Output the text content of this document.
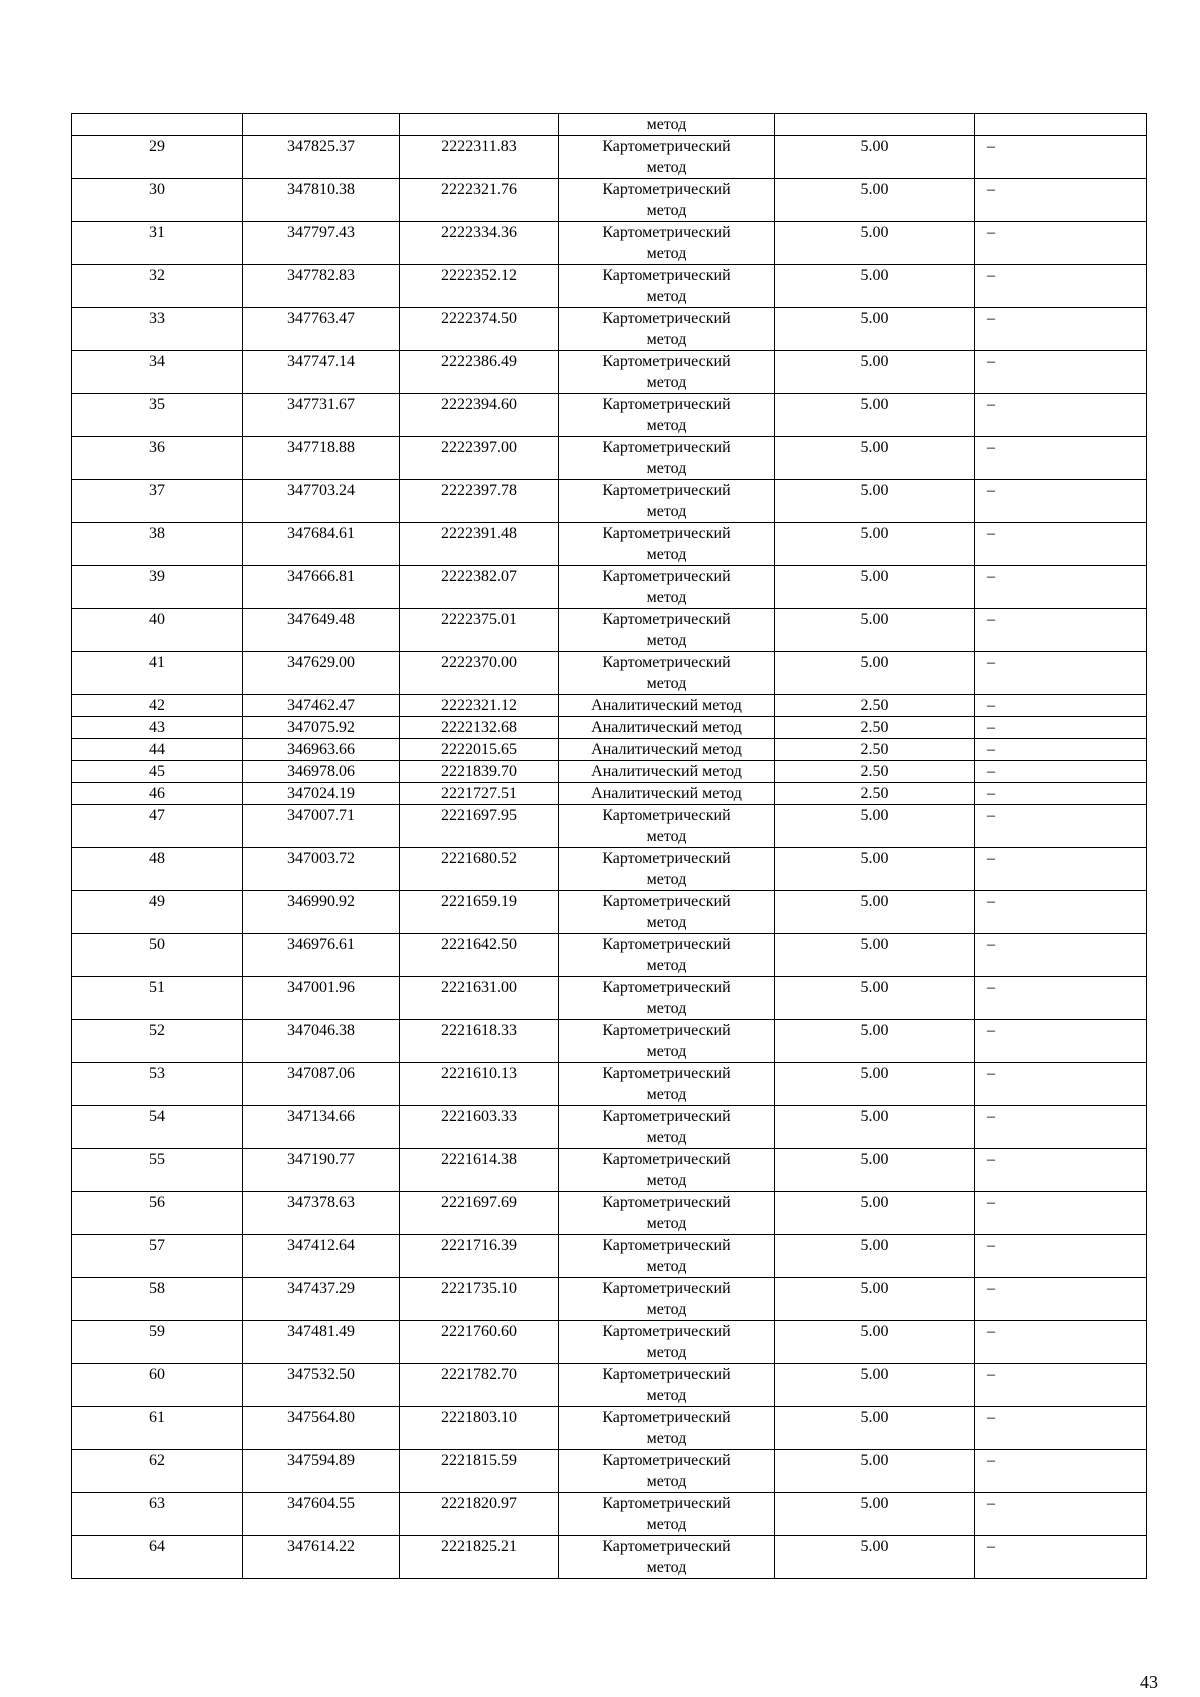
			метод		
29	347825.37	2222311.83	Картометрический
метод	5.00	–
30	347810.38	2222321.76	Картометрический
метод	5.00	–
31	347797.43	2222334.36	Картометрический
метод	5.00	–
32	347782.83	2222352.12	Картометрический
метод	5.00	–
33	347763.47	2222374.50	Картометрический
метод	5.00	–
34	347747.14	2222386.49	Картометрический
метод	5.00	–
35	347731.67	2222394.60	Картометрический
метод	5.00	–
36	347718.88	2222397.00	Картометрический
метод	5.00	–
37	347703.24	2222397.78	Картометрический
метод	5.00	–
38	347684.61	2222391.48	Картометрический
метод	5.00	–
39	347666.81	2222382.07	Картометрический
метод	5.00	–
40	347649.48	2222375.01	Картометрический
метод	5.00	–
41	347629.00	2222370.00	Картометрический
метод	5.00	–
42	347462.47	2222321.12	Аналитический метод	2.50	–
43	347075.92	2222132.68	Аналитический метод	2.50	–
44	346963.66	2222015.65	Аналитический метод	2.50	–
45	346978.06	2221839.70	Аналитический метод	2.50	–
46	347024.19	2221727.51	Аналитический метод	2.50	–
47	347007.71	2221697.95	Картометрический
метод	5.00	–
48	347003.72	2221680.52	Картометрический
метод	5.00	–
49	346990.92	2221659.19	Картометрический
метод	5.00	–
50	346976.61	2221642.50	Картометрический
метод	5.00	–
51	347001.96	2221631.00	Картометрический
метод	5.00	–
52	347046.38	2221618.33	Картометрический
метод	5.00	–
53	347087.06	2221610.13	Картометрический
метод	5.00	–
54	347134.66	2221603.33	Картометрический
метод	5.00	–
55	347190.77	2221614.38	Картометрический
метод	5.00	–
56	347378.63	2221697.69	Картометрический
метод	5.00	–
57	347412.64	2221716.39	Картометрический
метод	5.00	–
58	347437.29	2221735.10	Картометрический
метод	5.00	–
59	347481.49	2221760.60	Картометрический
метод	5.00	–
60	347532.50	2221782.70	Картометрический
метод	5.00	–
61	347564.80	2221803.10	Картометрический
метод	5.00	–
62	347594.89	2221815.59	Картометрический
метод	5.00	–
63	347604.55	2221820.97	Картометрический
метод	5.00	–
64	347614.22	2221825.21	Картометрический
метод	5.00	–
43
